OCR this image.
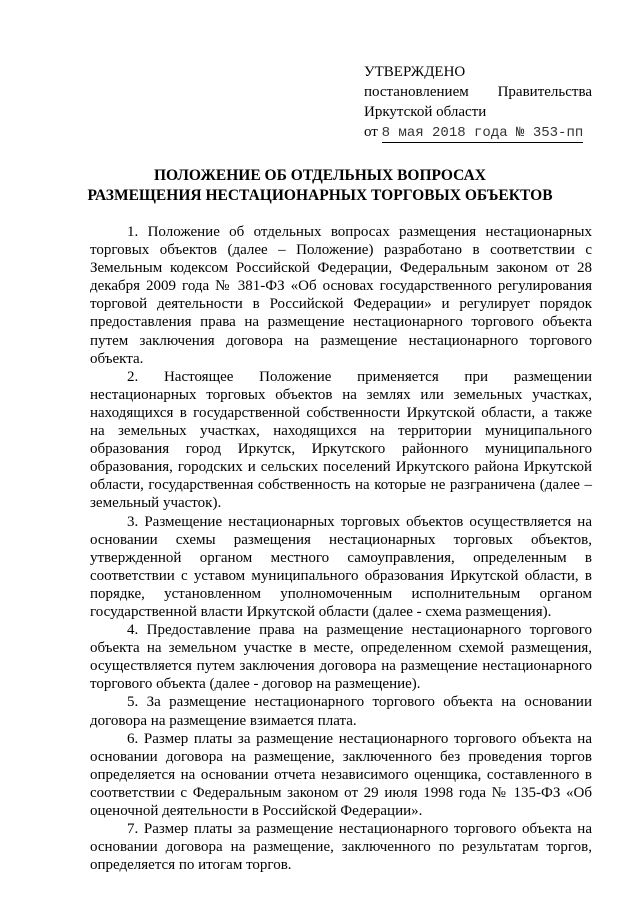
УТВЕРЖДЕНО
постановлением Правительства
Иркутской области
от 8 мая 2018 года № 353-пп
ПОЛОЖЕНИЕ ОБ ОТДЕЛЬНЫХ ВОПРОСАХ
РАЗМЕЩЕНИЯ НЕСТАЦИОНАРНЫХ ТОРГОВЫХ ОБЪЕКТОВ

1. Положение об отдельных вопросах размещения нестационарных торговых объектов (далее – Положение) разработано в соответствии с Земельным кодексом Российской Федерации, Федеральным законом от 28 декабря 2009 года № 381-ФЗ «Об основах государственного регулирования торговой деятельности в Российской Федерации» и регулирует порядок предоставления права на размещение нестационарного торгового объекта путем заключения договора на размещение нестационарного торгового объекта.

2. Настоящее Положение применяется при размещении нестационарных торговых объектов на землях или земельных участках, находящихся в государственной собственности Иркутской области, а также на земельных участках, находящихся на территории муниципального образования город Иркутск, Иркутского районного муниципального образования, городских и сельских поселений Иркутского района Иркутской области, государственная собственность на которые не разграничена (далее – земельный участок).

3. Размещение нестационарных торговых объектов осуществляется на основании схемы размещения нестационарных торговых объектов, утвержденной органом местного самоуправления, определенным в соответствии с уставом муниципального образования Иркутской области, в порядке, установленном уполномоченным исполнительным органом государственной власти Иркутской области (далее - схема размещения).

4. Предоставление права на размещение нестационарного торгового объекта на земельном участке в месте, определенном схемой размещения, осуществляется путем заключения договора на размещение нестационарного торгового объекта (далее - договор на размещение).

5. За размещение нестационарного торгового объекта на основании договора на размещение взимается плата.

6. Размер платы за размещение нестационарного торгового объекта на основании договора на размещение, заключенного без проведения торгов определяется на основании отчета независимого оценщика, составленного в соответствии с Федеральным законом от 29 июля 1998 года № 135-ФЗ «Об оценочной деятельности в Российской Федерации».

7. Размер платы за размещение нестационарного торгового объекта на основании договора на размещение, заключенного по результатам торгов, определяется по итогам торгов.
